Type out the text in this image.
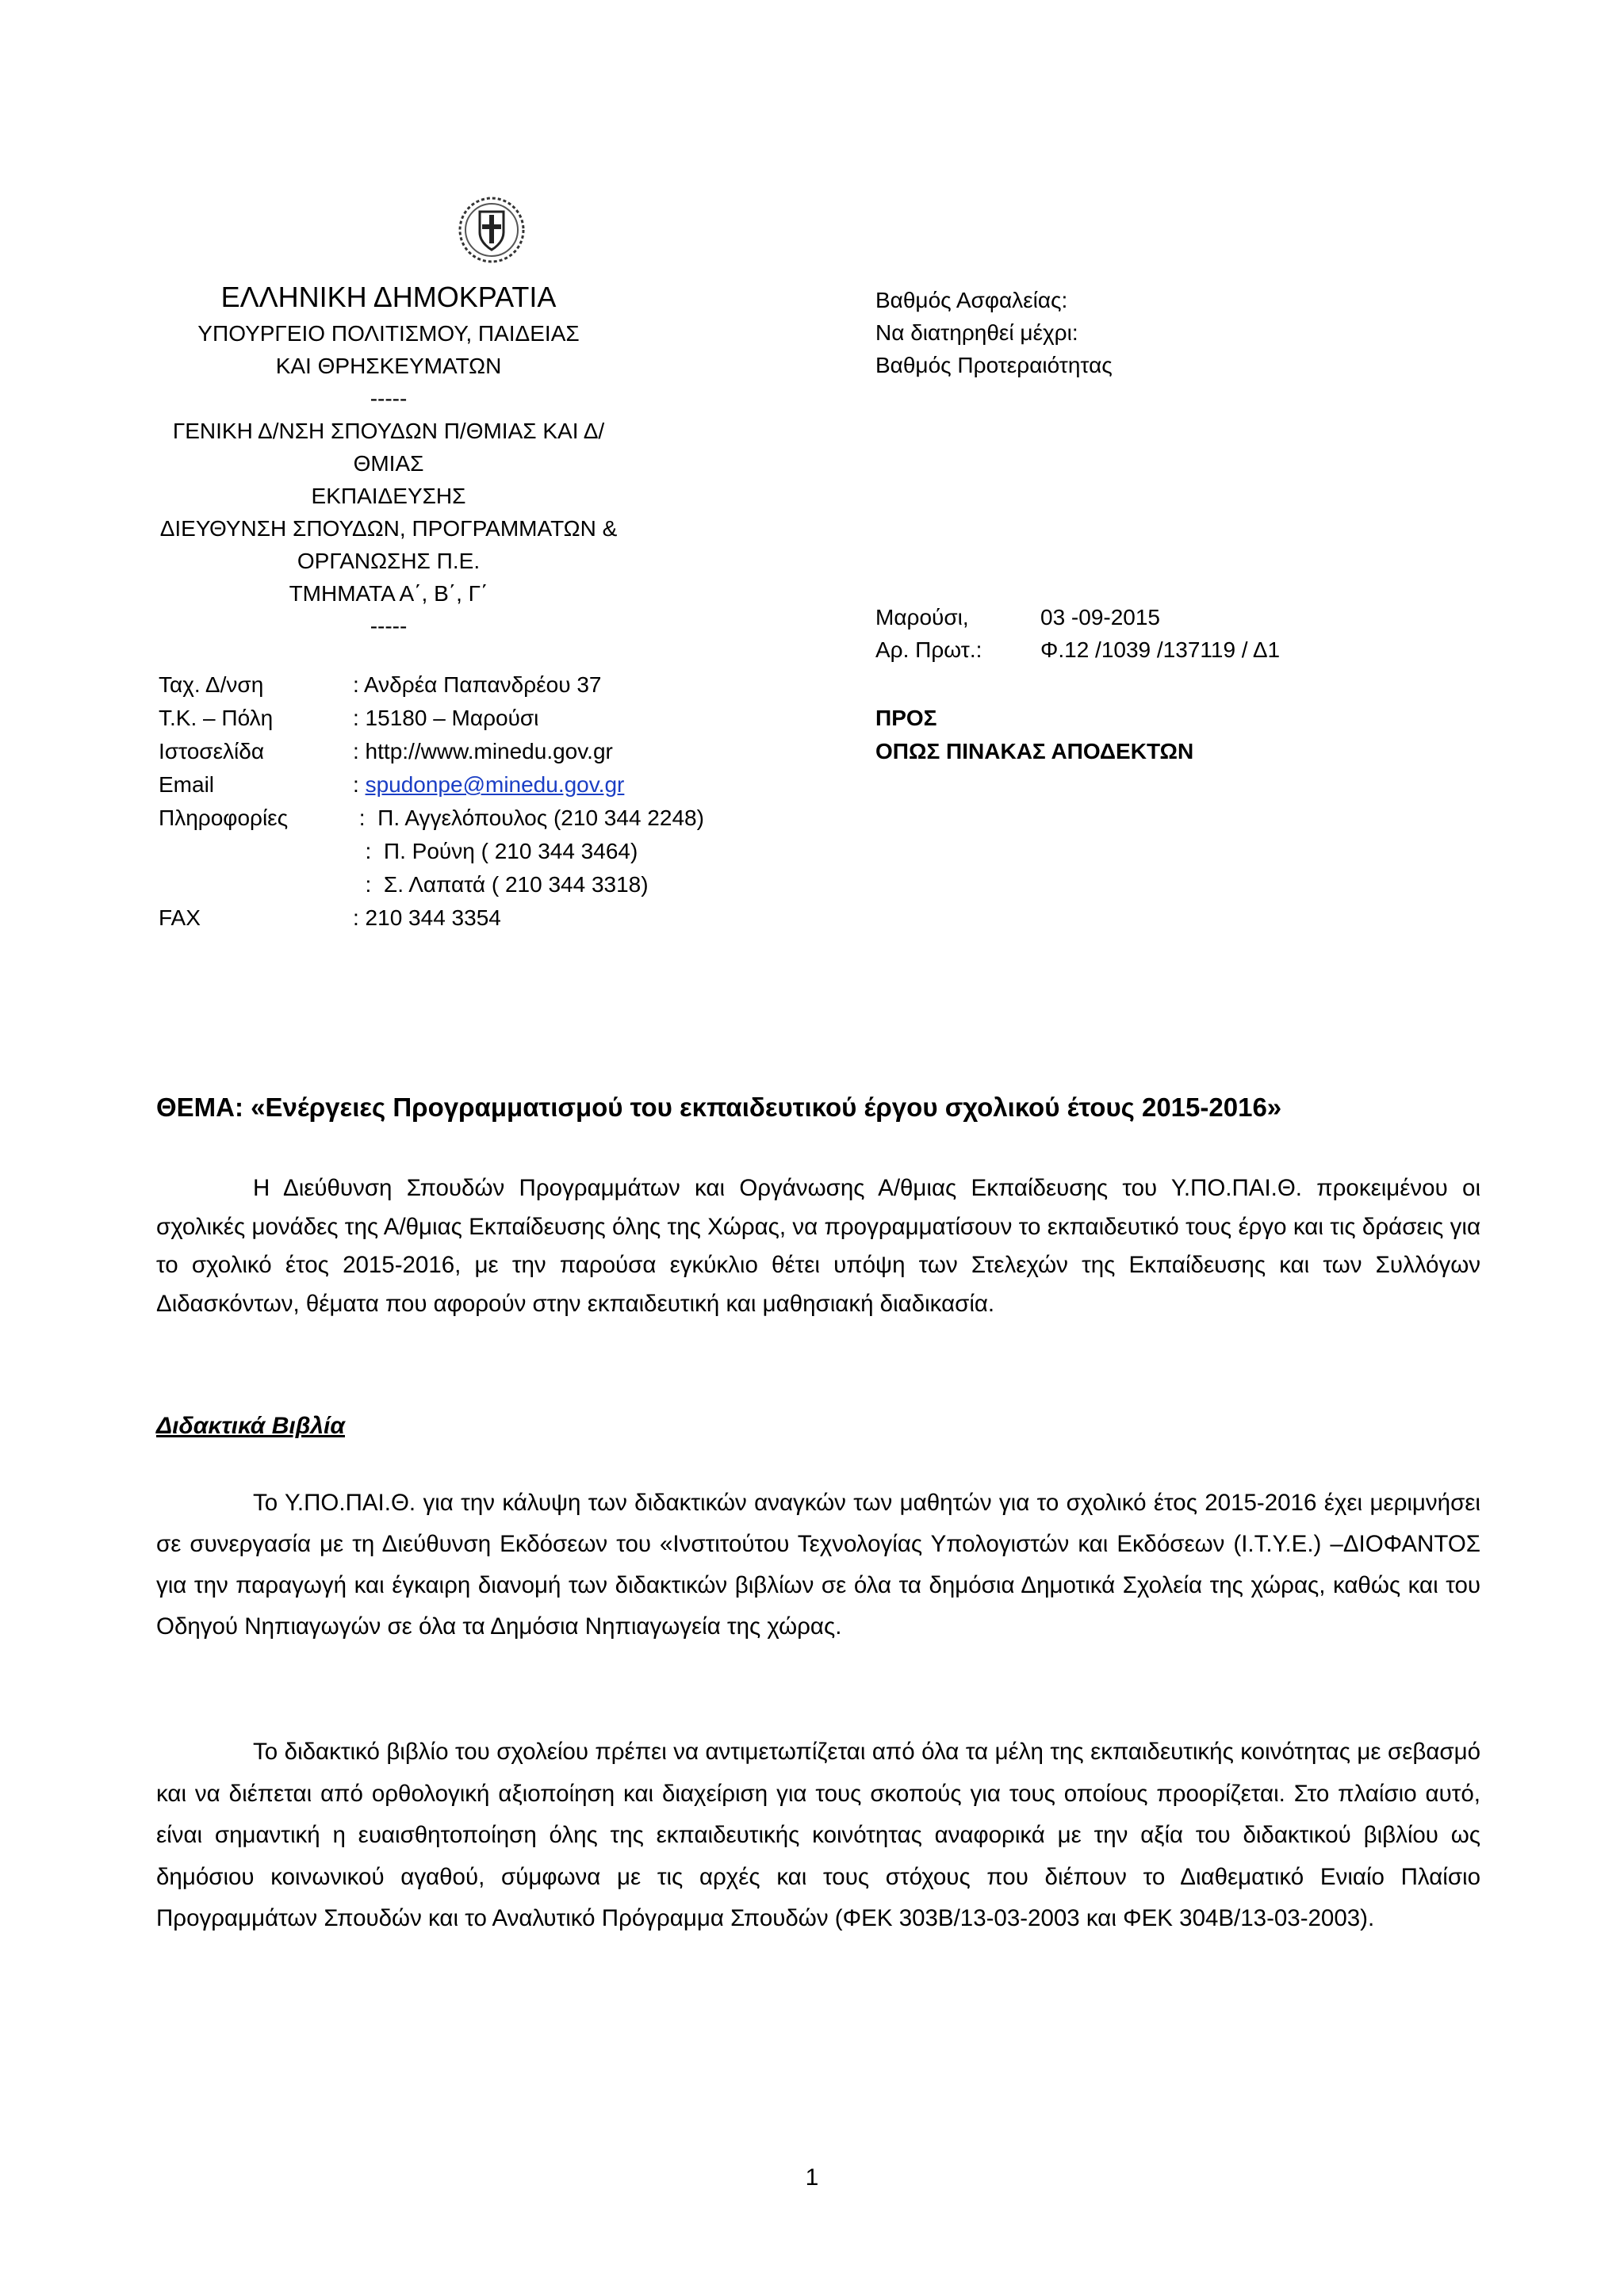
ΕΛΛΗΝΙΚΗ ΔΗΜΟΚΡΑΤΙΑ
ΥΠΟΥΡΓΕΙΟ ΠΟΛΙΤΙΣΜΟΥ, ΠΑΙΔΕΙΑΣ
ΚΑΙ ΘΡΗΣΚΕΥΜΑΤΩΝ
-----
ΓΕΝΙΚΗ Δ/ΝΣΗ ΣΠΟΥΔΩΝ Π/ΘΜΙΑΣ ΚΑΙ Δ/ΘΜΙΑΣ
ΕΚΠΑΙΔΕΥΣΗΣ
ΔΙΕΥΘΥΝΣΗ ΣΠΟΥΔΩΝ, ΠΡΟΓΡΑΜΜΑΤΩΝ & ΟΡΓΑΝΩΣΗΣ Π.Ε.
ΤΜΗΜΑΤΑ Α΄, Β΄, Γ΄
-----
Βαθμός Ασφαλείας:
Να διατηρηθεί μέχρι:
Βαθμός Προτεραιότητας
Μαρούσι,	03 -09-2015
Αρ. Πρωτ.:	Φ.12 /1039 /137119 / Δ1
ΠΡΟΣ
ΟΠΩΣ ΠΙΝΑΚΑΣ ΑΠΟΔΕΚΤΩΝ
Ταχ. Δ/νση	: Ανδρέα Παπανδρέου 37
Τ.Κ. – Πόλη	: 15180 – Μαρούσι
Ιστοσελίδα	: http://www.minedu.gov.gr
Email	: spudonpe@minedu.gov.gr
Πληροφορίες	:  Π. Αγγελόπουλος (210 344 2248)
:  Π. Ρούνη ( 210 344 3464)
:  Σ. Λαπατά ( 210 344 3318)
FAX	: 210 344 3354
ΘΕΜΑ: «Ενέργειες Προγραμματισμού του εκπαιδευτικού έργου σχολικού έτους 2015-2016»
Η Διεύθυνση Σπουδών Προγραμμάτων και Οργάνωσης Α/θμιας Εκπαίδευσης του Υ.ΠΟ.ΠΑΙ.Θ. προκειμένου οι σχολικές μονάδες της Α/θμιας Εκπαίδευσης όλης της Χώρας, να προγραμματίσουν το εκπαιδευτικό τους έργο και τις δράσεις για το σχολικό έτος 2015-2016, με την παρούσα εγκύκλιο θέτει υπόψη των Στελεχών της Εκπαίδευσης και των Συλλόγων Διδασκόντων, θέματα που αφορούν στην εκπαιδευτική και μαθησιακή διαδικασία.
Διδακτικά Βιβλία
Το Υ.ΠΟ.ΠΑΙ.Θ. για την κάλυψη των διδακτικών αναγκών των μαθητών για το σχολικό έτος 2015-2016 έχει μεριμνήσει σε συνεργασία με τη Διεύθυνση Εκδόσεων του «Ινστιτούτου Τεχνολογίας Υπολογιστών και Εκδόσεων (Ι.Τ.Υ.Ε.) –ΔΙΟΦΑΝΤΟΣ για την παραγωγή και έγκαιρη διανομή των διδακτικών βιβλίων σε όλα τα δημόσια Δημοτικά Σχολεία της χώρας, καθώς και του Οδηγού Νηπιαγωγών σε όλα τα Δημόσια Νηπιαγωγεία της χώρας.
Το διδακτικό βιβλίο του σχολείου πρέπει να αντιμετωπίζεται από όλα τα μέλη της εκπαιδευτικής κοινότητας με σεβασμό και να διέπεται από ορθολογική αξιοποίηση και διαχείριση για τους σκοπούς για τους οποίους προορίζεται. Στο πλαίσιο αυτό, είναι σημαντική η ευαισθητοποίηση όλης της εκπαιδευτικής κοινότητας αναφορικά με την αξία του διδακτικού βιβλίου ως δημόσιου κοινωνικού αγαθού, σύμφωνα με τις αρχές και τους στόχους που διέπουν το Διαθεματικό Ενιαίο Πλαίσιο Προγραμμάτων Σπουδών και το Αναλυτικό Πρόγραμμα Σπουδών (ΦΕΚ 303Β/13-03-2003 και ΦΕΚ 304Β/13-03-2003).
1
